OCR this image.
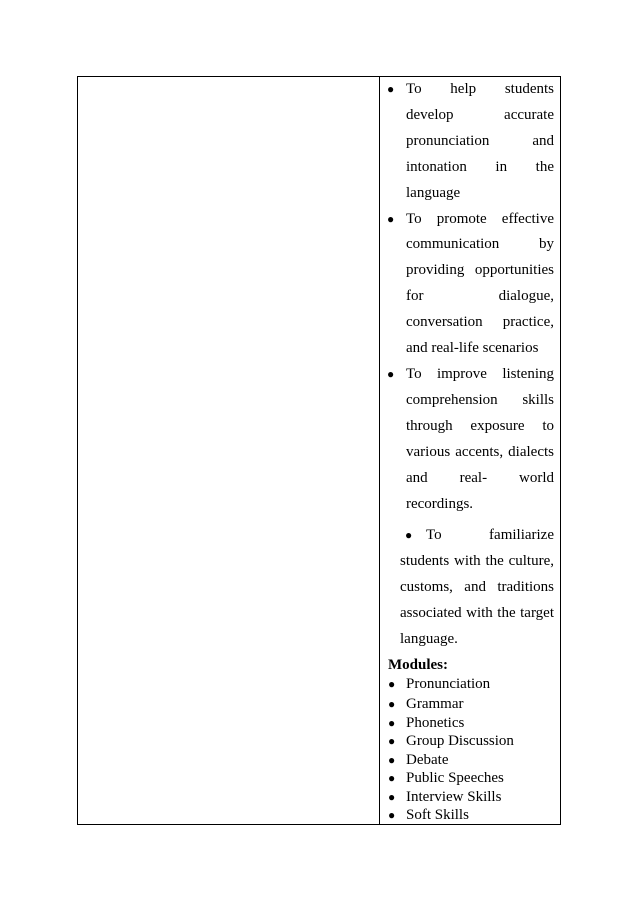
● To help students develop accurate pronunciation and intonation in the language
● To promote effective communication by providing opportunities for dialogue, conversation practice, and real-life scenarios
● To improve listening comprehension skills through exposure to various accents, dialects and real- world recordings.
● To familiarize students with the culture, customs, and traditions associated with the target language.
Modules:
● Pronunciation
● Grammar
● Phonetics
● Group Discussion
● Debate
● Public Speeches
● Interview Skills
● Soft Skills
